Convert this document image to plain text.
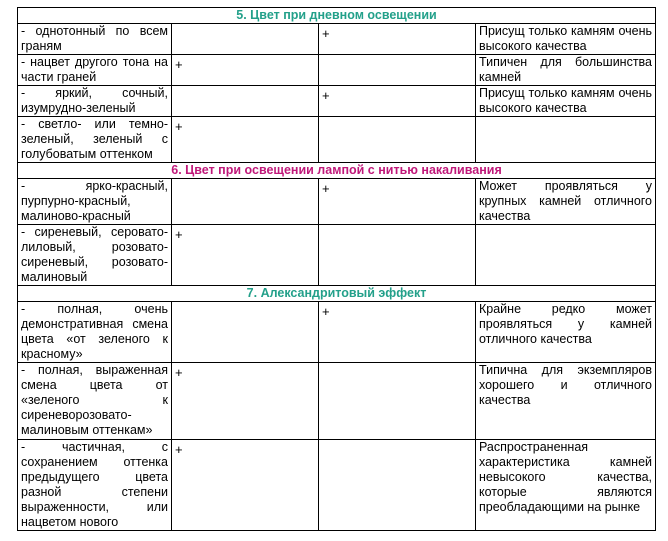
5. Цвет при дневном освещении			
- однотонный по всем граням		+	Присущ только камням очень высокого качества
- нацвет другого тона на части граней	+		Типичен для большинства камней
- яркий, сочный, изумрудно-зеленый		+	Присущ только камням очень высокого качества
- светло- или темно-зеленый, зеленый с голубоватым оттенком	+		
6. Цвет при освещении лампой с нитью накаливания			
- ярко-красный, пурпурно-красный, малиново-красный		+	Может проявляться у крупных камней отличного качества
- сиреневый, серовато-лиловый, розовато-сиреневый, розовато-малиновый	+		
7. Александритовый эффект			
- полная, очень демонстративная смена цвета «от зеленого к красному»		+	Крайне редко может проявляться у камней отличного качества
- полная, выраженная смена цвета от «зеленого к сиреневорозовато-малиновым оттенкам»	+		Типична для экземпляров хорошего и отличного качества
- частичная, с сохранением оттенка предыдущего цвета разной степени выраженности, или нацветом нового	+		Распространенная характеристика камней невысокого качества, которые являются преобладающими на рынке
